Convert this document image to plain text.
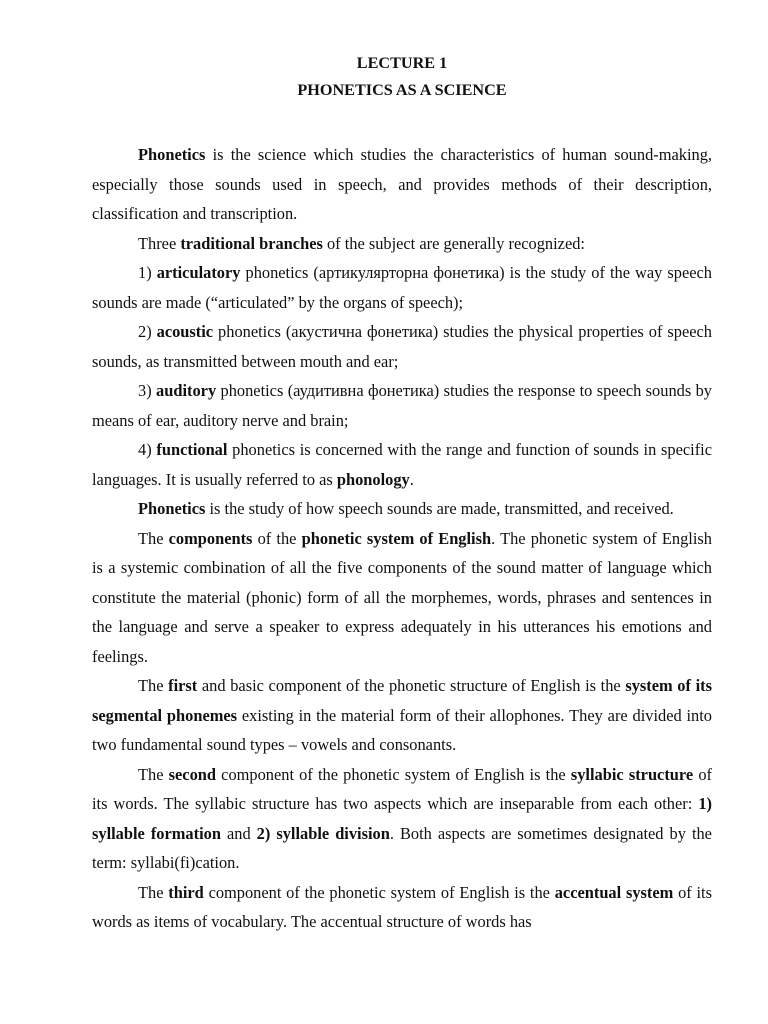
LECTURE 1

PHONETICS AS A SCIENCE

Phonetics is the science which studies the characteristics of human sound-making, especially those sounds used in speech, and provides methods of their description, classification and transcription.

Three traditional branches of the subject are generally recognized:

1) articulatory phonetics (артикулярторна фонетика) is the study of the way speech sounds are made (“articulated” by the organs of speech);

2) acoustic phonetics (акустична фонетика) studies the physical properties of speech sounds, as transmitted between mouth and ear;

3) auditory phonetics (аудитивна фонетика) studies the response to speech sounds by means of ear, auditory nerve and brain;

4) functional phonetics is concerned with the range and function of sounds in specific languages. It is usually referred to as phonology.

Phonetics is the study of how speech sounds are made, transmitted, and received.

The components of the phonetic system of English. The phonetic system of English is a systemic combination of all the five components of the sound matter of language which constitute the material (phonic) form of all the morphemes, words, phrases and sentences in the language and serve a speaker to express adequately in his utterances his emotions and feelings.

The first and basic component of the phonetic structure of English is the system of its segmental phonemes existing in the material form of their allophones. They are divided into two fundamental sound types – vowels and consonants.

The second component of the phonetic system of English is the syllabic structure of its words. The syllabic structure has two aspects which are inseparable from each other: 1) syllable formation and 2) syllable division. Both aspects are sometimes designated by the term: syllabi(fi)cation.

The third component of the phonetic system of English is the accentual system of its words as items of vocabulary. The accentual structure of words has
